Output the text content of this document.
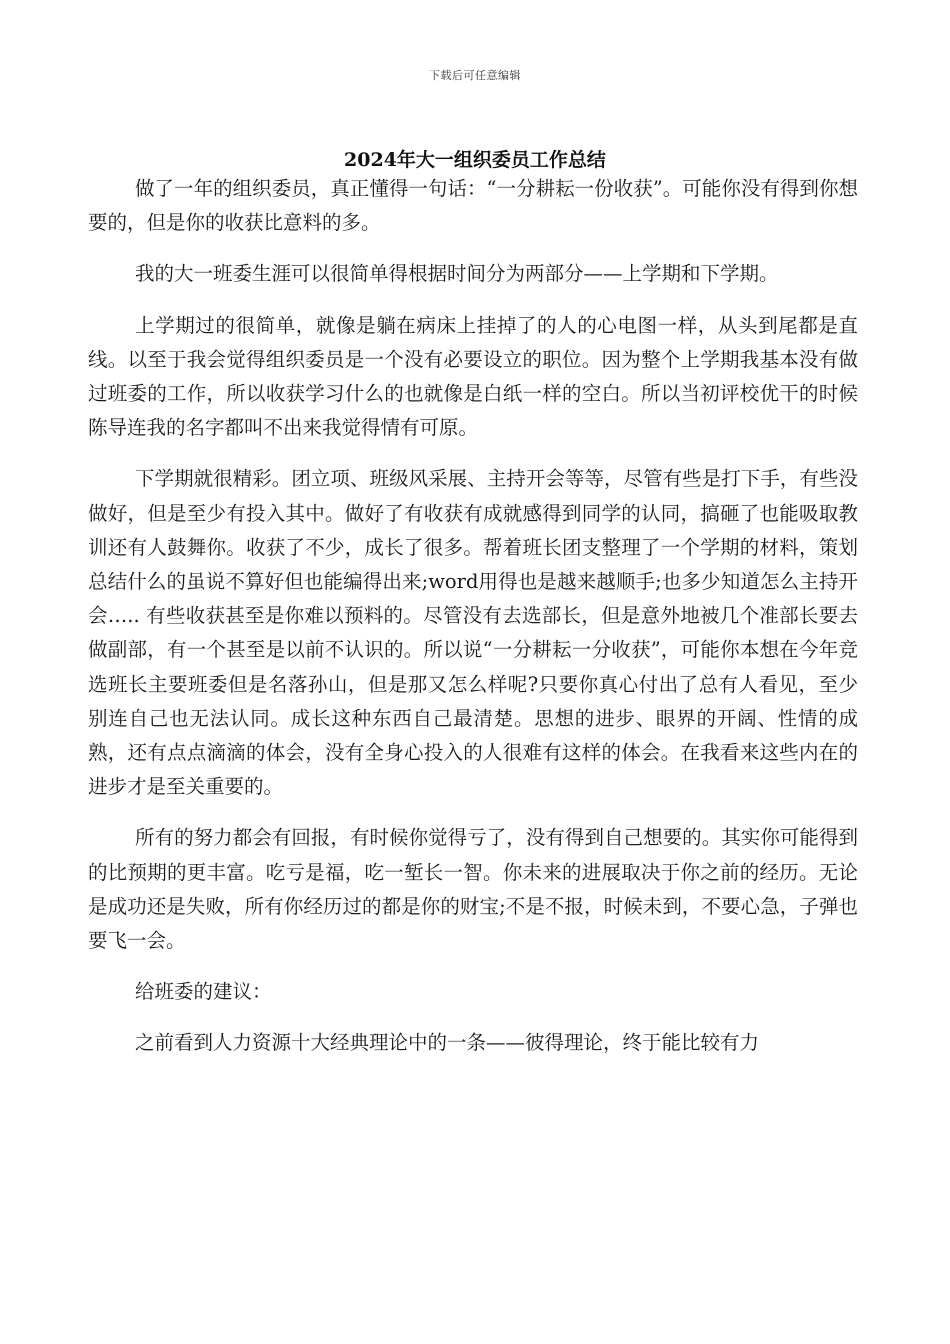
下载后可任意编辑
2024年大一组织委员工作总结

做了一年的组织委员，真正懂得一句话：“一分耕耘一份收获”。可能你没有得到你想要的，但是你的收获比意料的多。

我的大一班委生涯可以很简单得根据时间分为两部分——上学期和下学期。

上学期过的很简单，就像是躺在病床上挂掉了的人的心电图一样，从头到尾都是直线。以至于我会觉得组织委员是一个没有必要设立的职位。因为整个上学期我基本没有做过班委的工作，所以收获学习什么的也就像是白纸一样的空白。所以当初评校优干的时候陈导连我的名字都叫不出来我觉得情有可原。

下学期就很精彩。团立项、班级风采展、主持开会等等，尽管有些是打下手，有些没做好，但是至少有投入其中。做好了有收获有成就感得到同学的认同，搞砸了也能吸取教训还有人鼓舞你。收获了不少，成长了很多。帮着班长团支整理了一个学期的材料，策划总结什么的虽说不算好但也能编得出来;word用得也是越来越顺手;也多少知道怎么主持开会….. 有些收获甚至是你难以预料的。尽管没有去选部长，但是意外地被几个准部长要去做副部，有一个甚至是以前不认识的。所以说“一分耕耘一分收获”，可能你本想在今年竞选班长主要班委但是名落孙山，但是那又怎么样呢?只要你真心付出了总有人看见，至少别连自己也无法认同。成长这种东西自己最清楚。思想的进步、眼界的开阔、性情的成熟，还有点点滴滴的体会，没有全身心投入的人很难有这样的体会。在我看来这些内在的进步才是至关重要的。

所有的努力都会有回报，有时候你觉得亏了，没有得到自己想要的。其实你可能得到的比预期的更丰富。吃亏是福，吃一堑长一智。你未来的进展取决于你之前的经历。无论是成功还是失败，所有你经历过的都是你的财宝;不是不报，时候未到，不要心急，子弹也要飞一会。

给班委的建议：

之前看到人力资源十大经典理论中的一条——彼得理论，终于能比较有力
